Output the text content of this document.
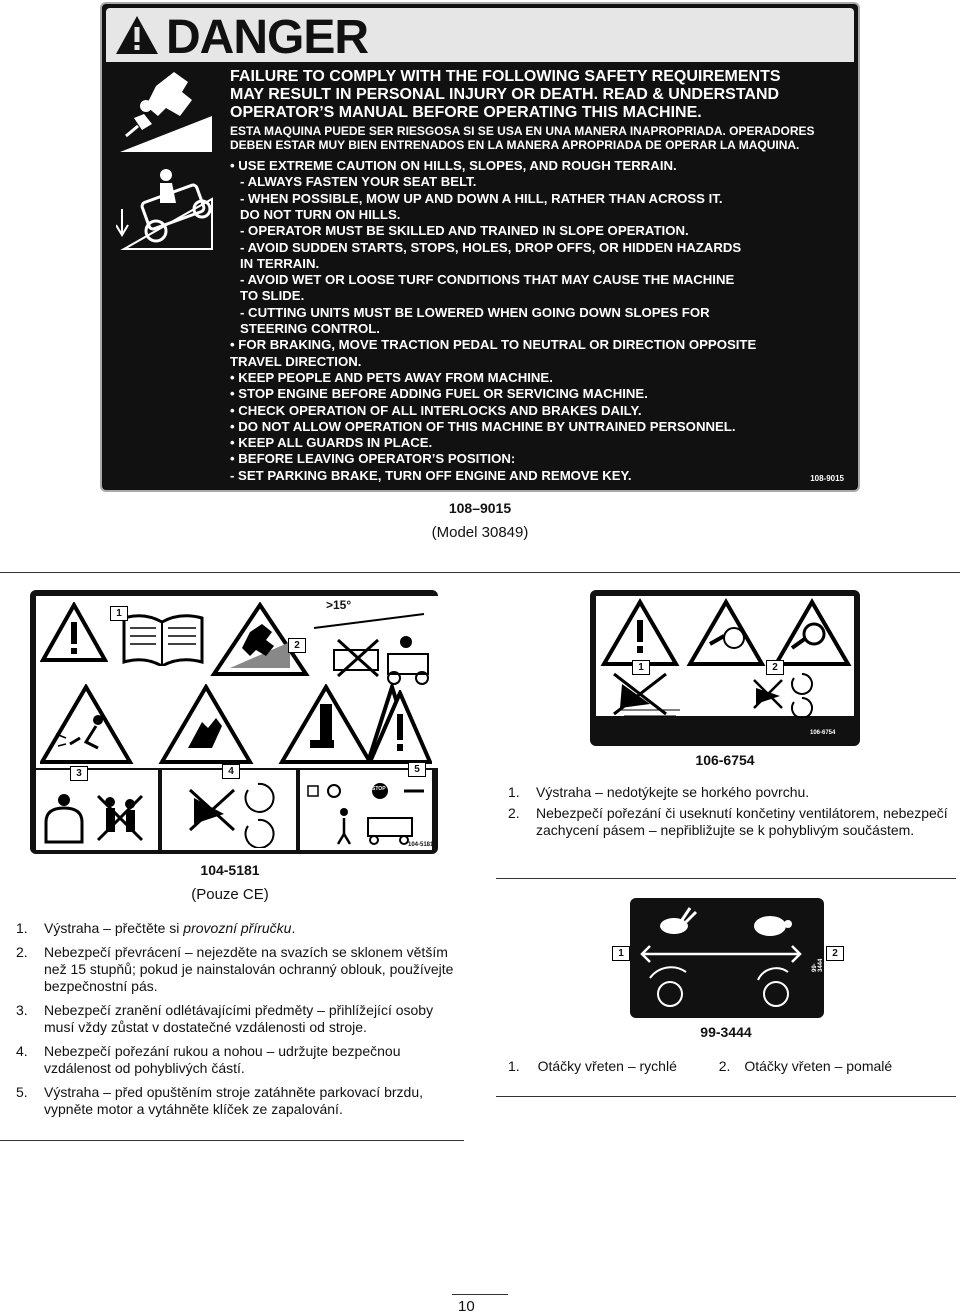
DANGER
FAILURE TO COMPLY WITH THE FOLLOWING SAFETY REQUIREMENTS
MAY RESULT IN PERSONAL INJURY OR DEATH. READ & UNDERSTAND
OPERATOR’S MANUAL BEFORE OPERATING THIS MACHINE.
ESTA MAQUINA PUEDE SER RIESGOSA SI SE USA EN UNA MANERA INAPROPRIADA. OPERADORES
DEBEN ESTAR MUY BIEN ENTRENADOS EN LA MANERA APROPRIADA DE OPERAR LA MAQUINA.
108-9015
• USE EXTREME CAUTION ON HILLS, SLOPES, AND ROUGH TERRAIN.
- ALWAYS FASTEN YOUR SEAT BELT.
- WHEN POSSIBLE, MOW UP AND DOWN A HILL, RATHER THAN ACROSS IT.
DO NOT TURN ON HILLS.
- OPERATOR MUST BE SKILLED AND TRAINED IN SLOPE OPERATION.
- AVOID SUDDEN STARTS, STOPS, HOLES, DROP OFFS, OR HIDDEN HAZARDS
IN TERRAIN.
- AVOID WET OR LOOSE TURF CONDITIONS THAT MAY CAUSE THE MACHINE
TO SLIDE.
- CUTTING UNITS MUST BE LOWERED WHEN GOING DOWN SLOPES FOR
STEERING CONTROL.
• FOR BRAKING, MOVE TRACTION PEDAL TO NEUTRAL OR DIRECTION OPPOSITE
TRAVEL DIRECTION.
• KEEP PEOPLE AND PETS AWAY FROM MACHINE.
• STOP ENGINE BEFORE ADDING FUEL OR SERVICING MACHINE.
• CHECK OPERATION OF ALL INTERLOCKS AND BRAKES DAILY.
• DO NOT ALLOW OPERATION OF THIS MACHINE BY UNTRAINED PERSONNEL.
• KEEP ALL GUARDS IN PLACE.
• BEFORE LEAVING OPERATOR’S POSITION:
- SET PARKING BRAKE, TURN OFF ENGINE AND REMOVE KEY.
108–9015
(Model 30849)
1
2
>15°
3	4	5
STOP
104-5181
104-5181
(Pouze CE)
1. Výstraha – přečtěte si provozní příručku.
2. Nebezpečí převrácení – nejezděte na svazích se sklonem větším než 15 stupňů; pokud je nainstalován ochranný oblouk, používejte bezpečnostní pás.
3. Nebezpečí zranění odlétávajícími předměty – přihlížející osoby musí vždy zůstat v dostatečné vzdálenosti od stroje.
4. Nebezpečí pořezání rukou a nohou – udržujte bezpečnou vzdálenost od pohyblivých částí.
5. Výstraha – před opuštěním stroje zatáhněte parkovací brzdu, vypněte motor a vytáhněte klíček ze zapalování.
1	2
106-6754
106-6754
1. Výstraha – nedotýkejte se horkého povrchu.
2. Nebezpečí pořezání či useknutí končetiny ventilátorem, nebezpečí zachycení pásem – nepřibližujte se k pohyblivým součástem.
99-3444
1	2
99-3444
1. Otáčky vřeten – rychlé	2. Otáčky vřeten – pomalé
10
